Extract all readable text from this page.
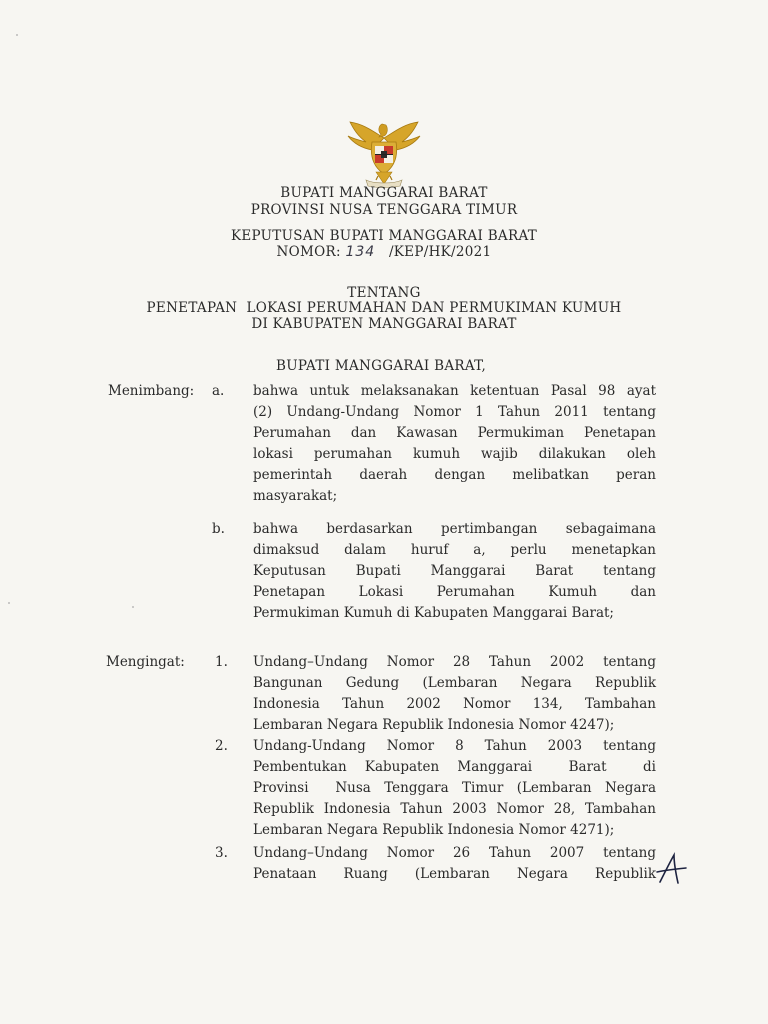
BUPATI MANGGARAI BARAT
PROVINSI NUSA TENGGARA TIMUR
KEPUTUSAN BUPATI MANGGARAI BARAT
NOMOR: 134 /KEP/HK/2021
TENTANG
PENETAPAN  LOKASI PERUMAHAN DAN PERMUKIMAN KUMUH
DI KABUPATEN MANGGARAI BARAT
BUPATI MANGGARAI BARAT,
Menimbang: a. bahwa untuk melaksanakan ketentuan Pasal 98 ayat
(2) Undang-Undang Nomor 1 Tahun 2011 tentang
Perumahan dan Kawasan Permukiman Penetapan
lokasi perumahan kumuh wajib dilakukan oleh
pemerintah daerah dengan melibatkan peran
masyarakat;
b. bahwa berdasarkan pertimbangan sebagaimana
dimaksud dalam huruf a, perlu menetapkan
Keputusan Bupati Manggarai Barat tentang
Penetapan Lokasi Perumahan Kumuh dan
Permukiman Kumuh di Kabupaten Manggarai Barat;
Mengingat: 1. Undang–Undang Nomor 28 Tahun 2002 tentang
Bangunan Gedung (Lembaran Negara Republik
Indonesia Tahun 2002 Nomor 134, Tambahan
Lembaran Negara Republik Indonesia Nomor 4247);
2. Undang-Undang Nomor 8 Tahun 2003 tentang
Pembentukan Kabupaten Manggarai  Barat  di
Provinsi  Nusa Tenggara Timur (Lembaran Negara
Republik Indonesia Tahun 2003 Nomor 28, Tambahan
Lembaran Negara Republik Indonesia Nomor 4271);
3. Undang–Undang Nomor 26 Tahun 2007 tentang
Penataan Ruang (Lembaran Negara Republik
